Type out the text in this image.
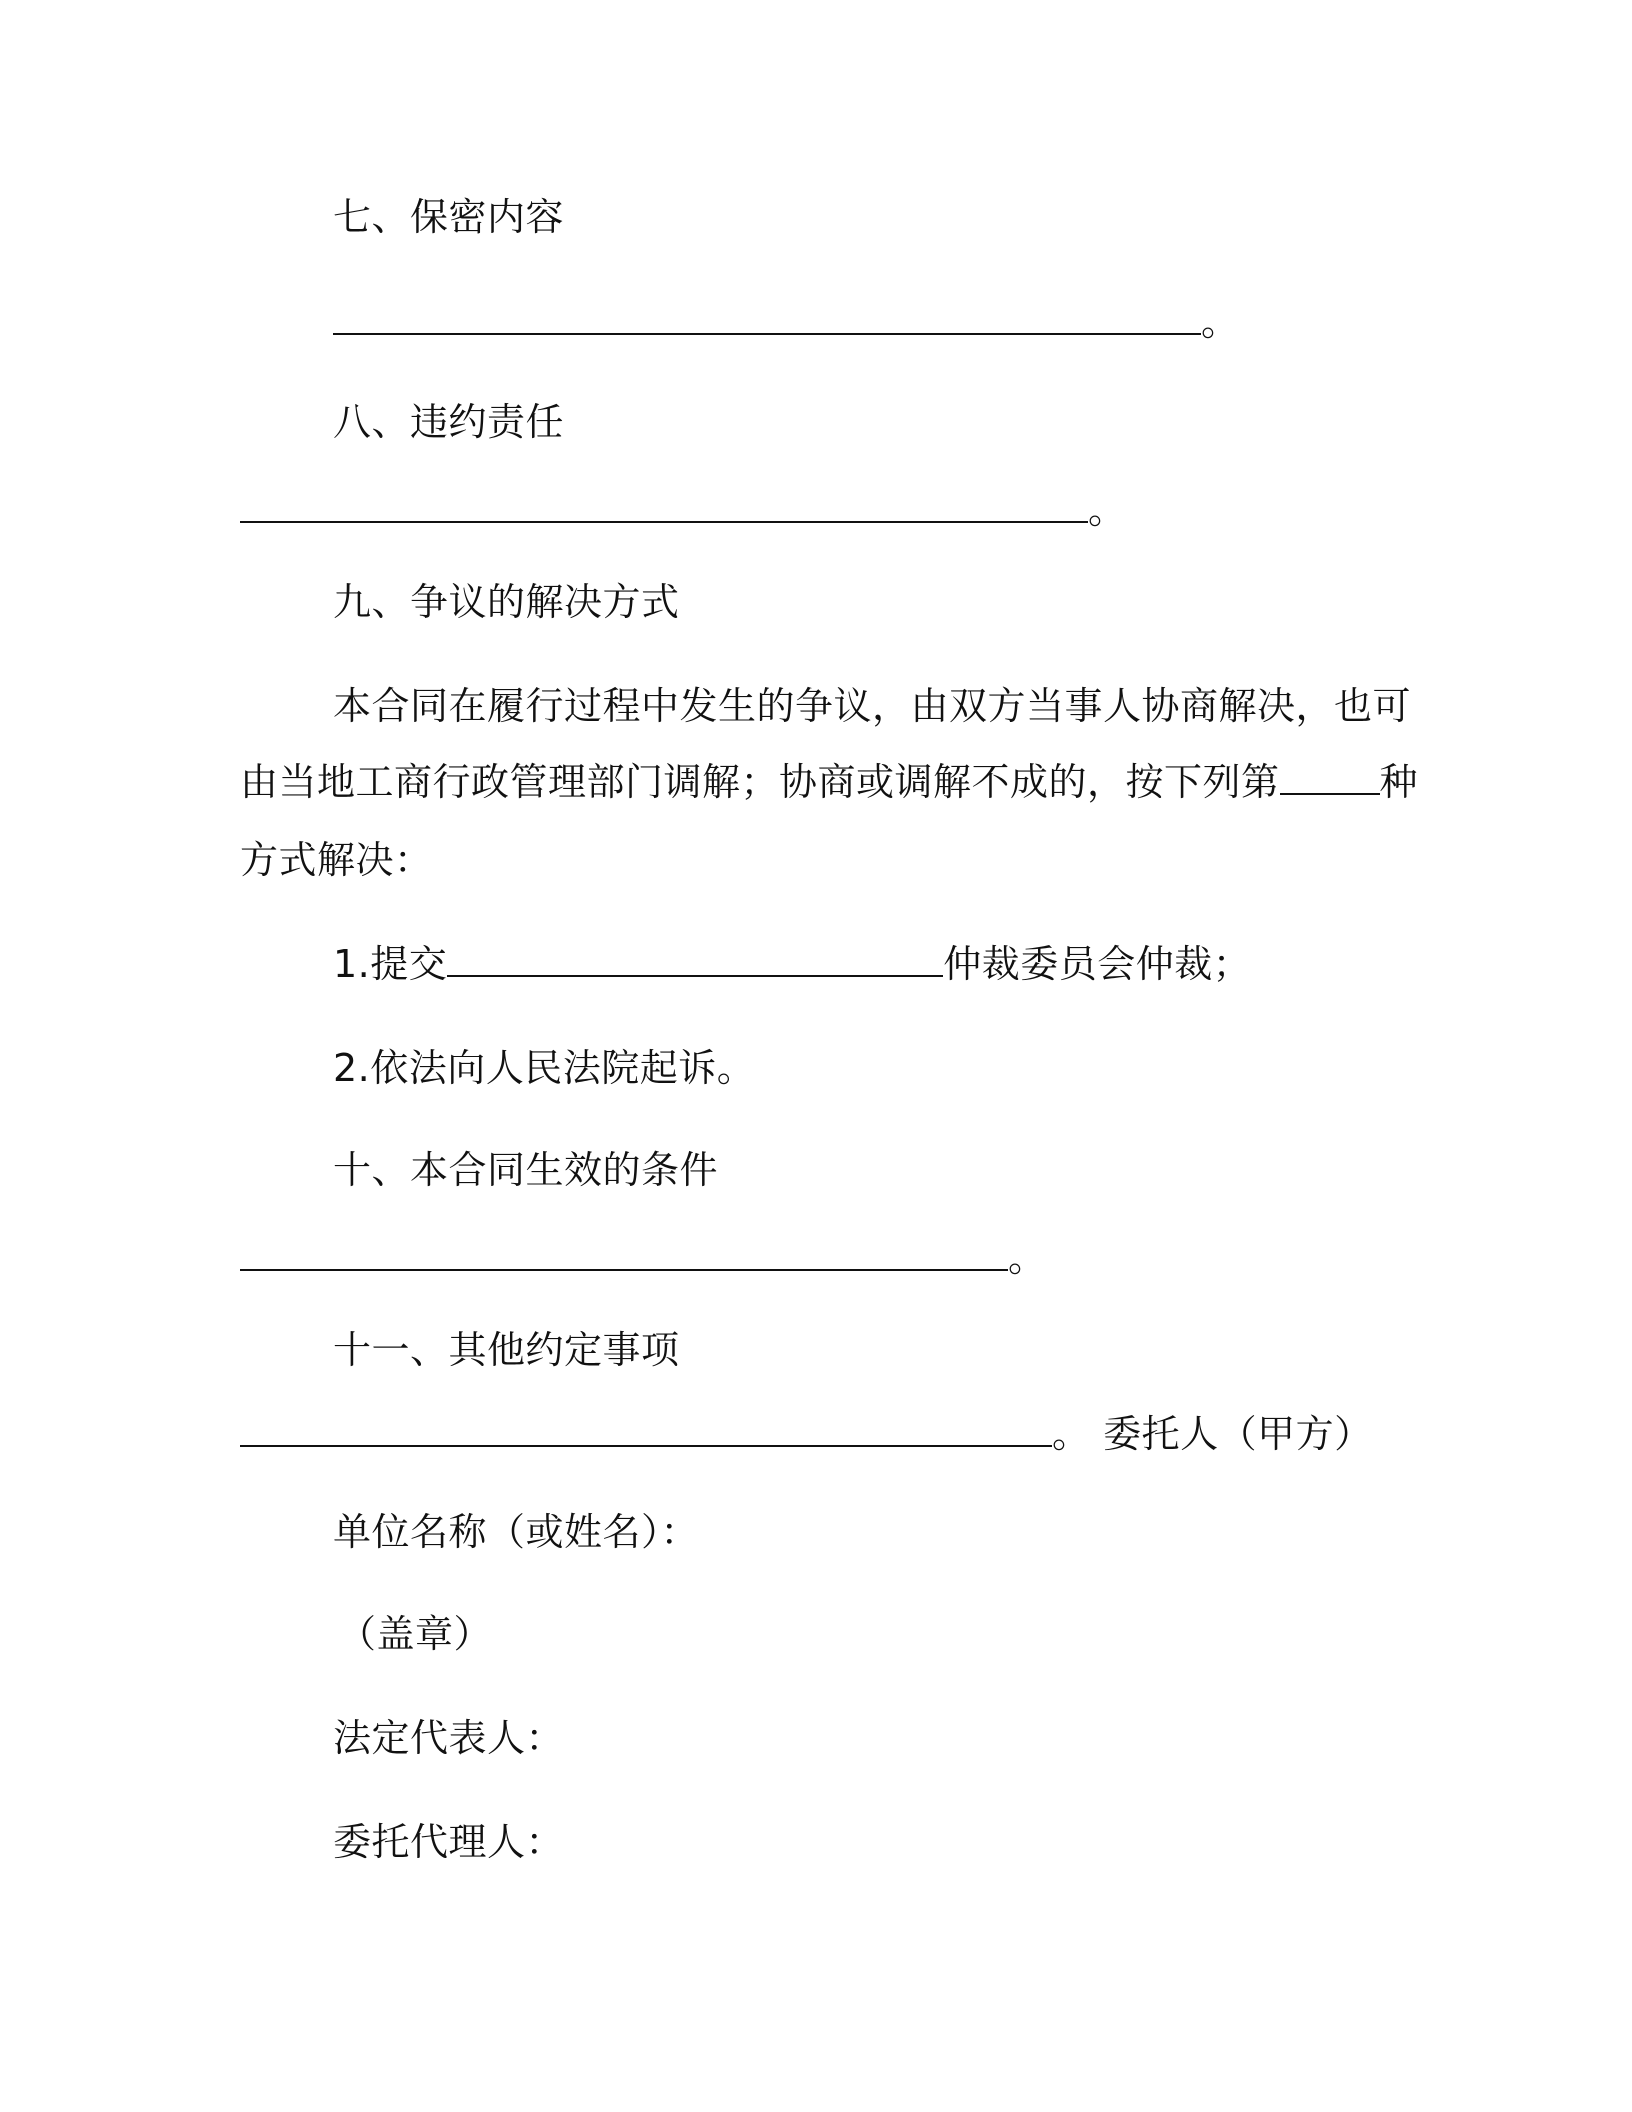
七、保密内容
。
八、违约责任
。
九、争议的解决方式
本合同在履行过程中发生的争议，由双方当事人协商解决，也可
由当地工商行政管理部门调解；协商或调解不成的，按下列第	种
方式解决：
1.提交	仲裁委员会仲裁；
2.依法向人民法院起诉。
十、本合同生效的条件
。
十一、其他约定事项
。 委托人（甲方）
单位名称（或姓名）：
（盖章）
法定代表人：
委托代理人：
